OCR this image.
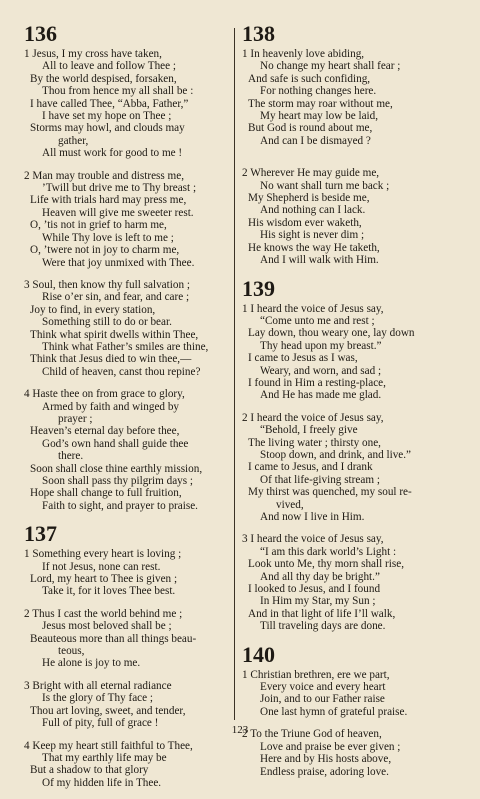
136
1 Jesus, I my cross have taken,
All to leave and follow Thee ;
By the world despised, forsaken,
Thou from hence my all shall be :
I have called Thee, “Abba, Father,”
I have set my hope on Thee ;
Storms may howl, and clouds may
gather,
All must work for good to me !
2 Man may trouble and distress me,
’Twill but drive me to Thy breast ;
Life with trials hard may press me,
Heaven will give me sweeter rest.
O, ’tis not in grief to harm me,
While Thy love is left to me ;
O, ’twere not in joy to charm me,
Were that joy unmixed with Thee.
3 Soul, then know thy full salvation ;
Rise o’er sin, and fear, and care ;
Joy to find, in every station,
Something still to do or bear.
Think what spirit dwells within Thee,
Think what Father’s smiles are thine,
Think that Jesus died to win thee,—
Child of heaven, canst thou repine?
4 Haste thee on from grace to glory,
Armed by faith and winged by
prayer ;
Heaven’s eternal day before thee,
God’s own hand shall guide thee
there.
Soon shall close thine earthly mission,
Soon shall pass thy pilgrim days ;
Hope shall change to full fruition,
Faith to sight, and prayer to praise.
137
1 Something every heart is loving ;
If not Jesus, none can rest.
Lord, my heart to Thee is given ;
Take it, for it loves Thee best.
2 Thus I cast the world behind me ;
Jesus most beloved shall be ;
Beauteous more than all things beau-
teous,
He alone is joy to me.
3 Bright with all eternal radiance
Is the glory of Thy face ;
Thou art loving, sweet, and tender,
Full of pity, full of grace !
4 Keep my heart still faithful to Thee,
That my earthly life may be
But a shadow to that glory
Of my hidden life in Thee.
138
1 In heavenly love abiding,
No change my heart shall fear ;
And safe is such confiding,
For nothing changes here.
The storm may roar without me,
My heart may low be laid,
But God is round about me,
And can I be dismayed ?
2 Wherever He may guide me,
No want shall turn me back ;
My Shepherd is beside me,
And nothing can I lack.
His wisdom ever waketh,
His sight is never dim ;
He knows the way He taketh,
And I will walk with Him.
139
1 I heard the voice of Jesus say,
“Come unto me and rest ;
Lay down, thou weary one, lay down
Thy head upon my breast.”
I came to Jesus as I was,
Weary, and worn, and sad ;
I found in Him a resting-place,
And He has made me glad.
2 I heard the voice of Jesus say,
“Behold, I freely give
The living water ; thirsty one,
Stoop down, and drink, and live.”
I came to Jesus, and I drank
Of that life-giving stream ;
My thirst was quenched, my soul re-
vived,
And now I live in Him.
3 I heard the voice of Jesus say,
“I am this dark world’s Light :
Look unto Me, thy morn shall rise,
And all thy day be bright.”
I looked to Jesus, and I found
In Him my Star, my Sun ;
And in that light of life I’ll walk,
Till traveling days are done.
140
1 Christian brethren, ere we part,
Every voice and every heart
Join, and to our Father raise
One last hymn of grateful praise.
2 To the Triune God of heaven,
Love and praise be ever given ;
Here and by His hosts above,
Endless praise, adoring love.
123
